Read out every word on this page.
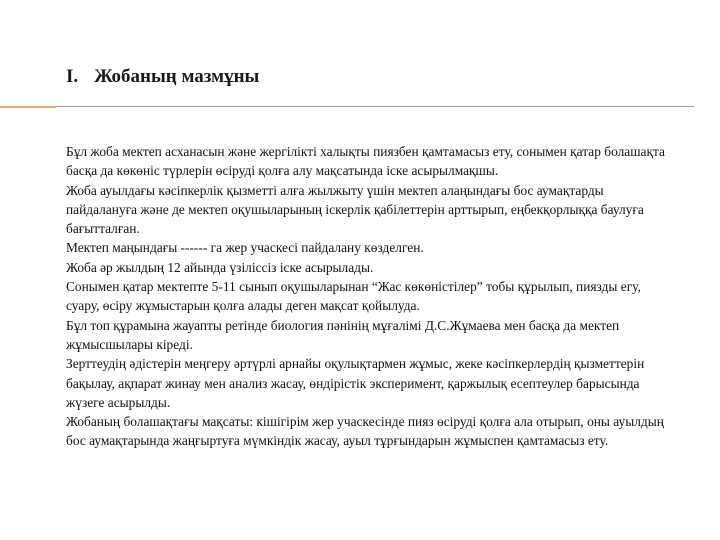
I. Жобаның мазмұны

Бұл жоба мектеп асханасын және жергілікті халықты пиязбен қамтамасыз ету, сонымен қатар болашақта басқа да көкөніс түрлерін өсіруді қолға алу мақсатында іске асырылмақшы.

Жоба ауылдағы кәсіпкерлік қызметті алға жылжыту үшін мектеп алаңындағы бос аумақтарды пайдалануға және де мектеп оқушыларының іскерлік қабілеттерін арттырып, еңбекқорлыққа баулуға бағытталған.

Мектеп маңындағы ------ га жер учаскесі пайдалану көзделген.

Жоба әр жылдың 12 айында үзіліссіз іске асырылады.

Сонымен қатар мектепте 5-11 сынып оқушыларынан “Жас көкөністілер” тобы құрылып, пиязды егу, суару, өсіру жұмыстарын қолға алады деген мақсат қойылуда.

Бұл топ құрамына жауапты ретінде биология пәнінің мұғалімі Д.С.Жұмаева мен басқа да мектеп жұмысшылары кіреді.

Зерттеудің әдістерін меңгеру әртүрлі арнайы оқулықтармен жұмыс, жеке кәсіпкерлердің қызметтерін бақылау, ақпарат жинау мен анализ жасау, өндірістік эксперимент, қаржылық есептеулер барысында жүзеге асырылды.

Жобаның болашақтағы мақсаты: кішігірім жер учаскесінде пияз өсіруді қолға ала отырып, оны ауылдың бос аумақтарында жаңғыртуға мүмкіндік жасау, ауыл тұрғындарын жұмыспен қамтамасыз ету.
